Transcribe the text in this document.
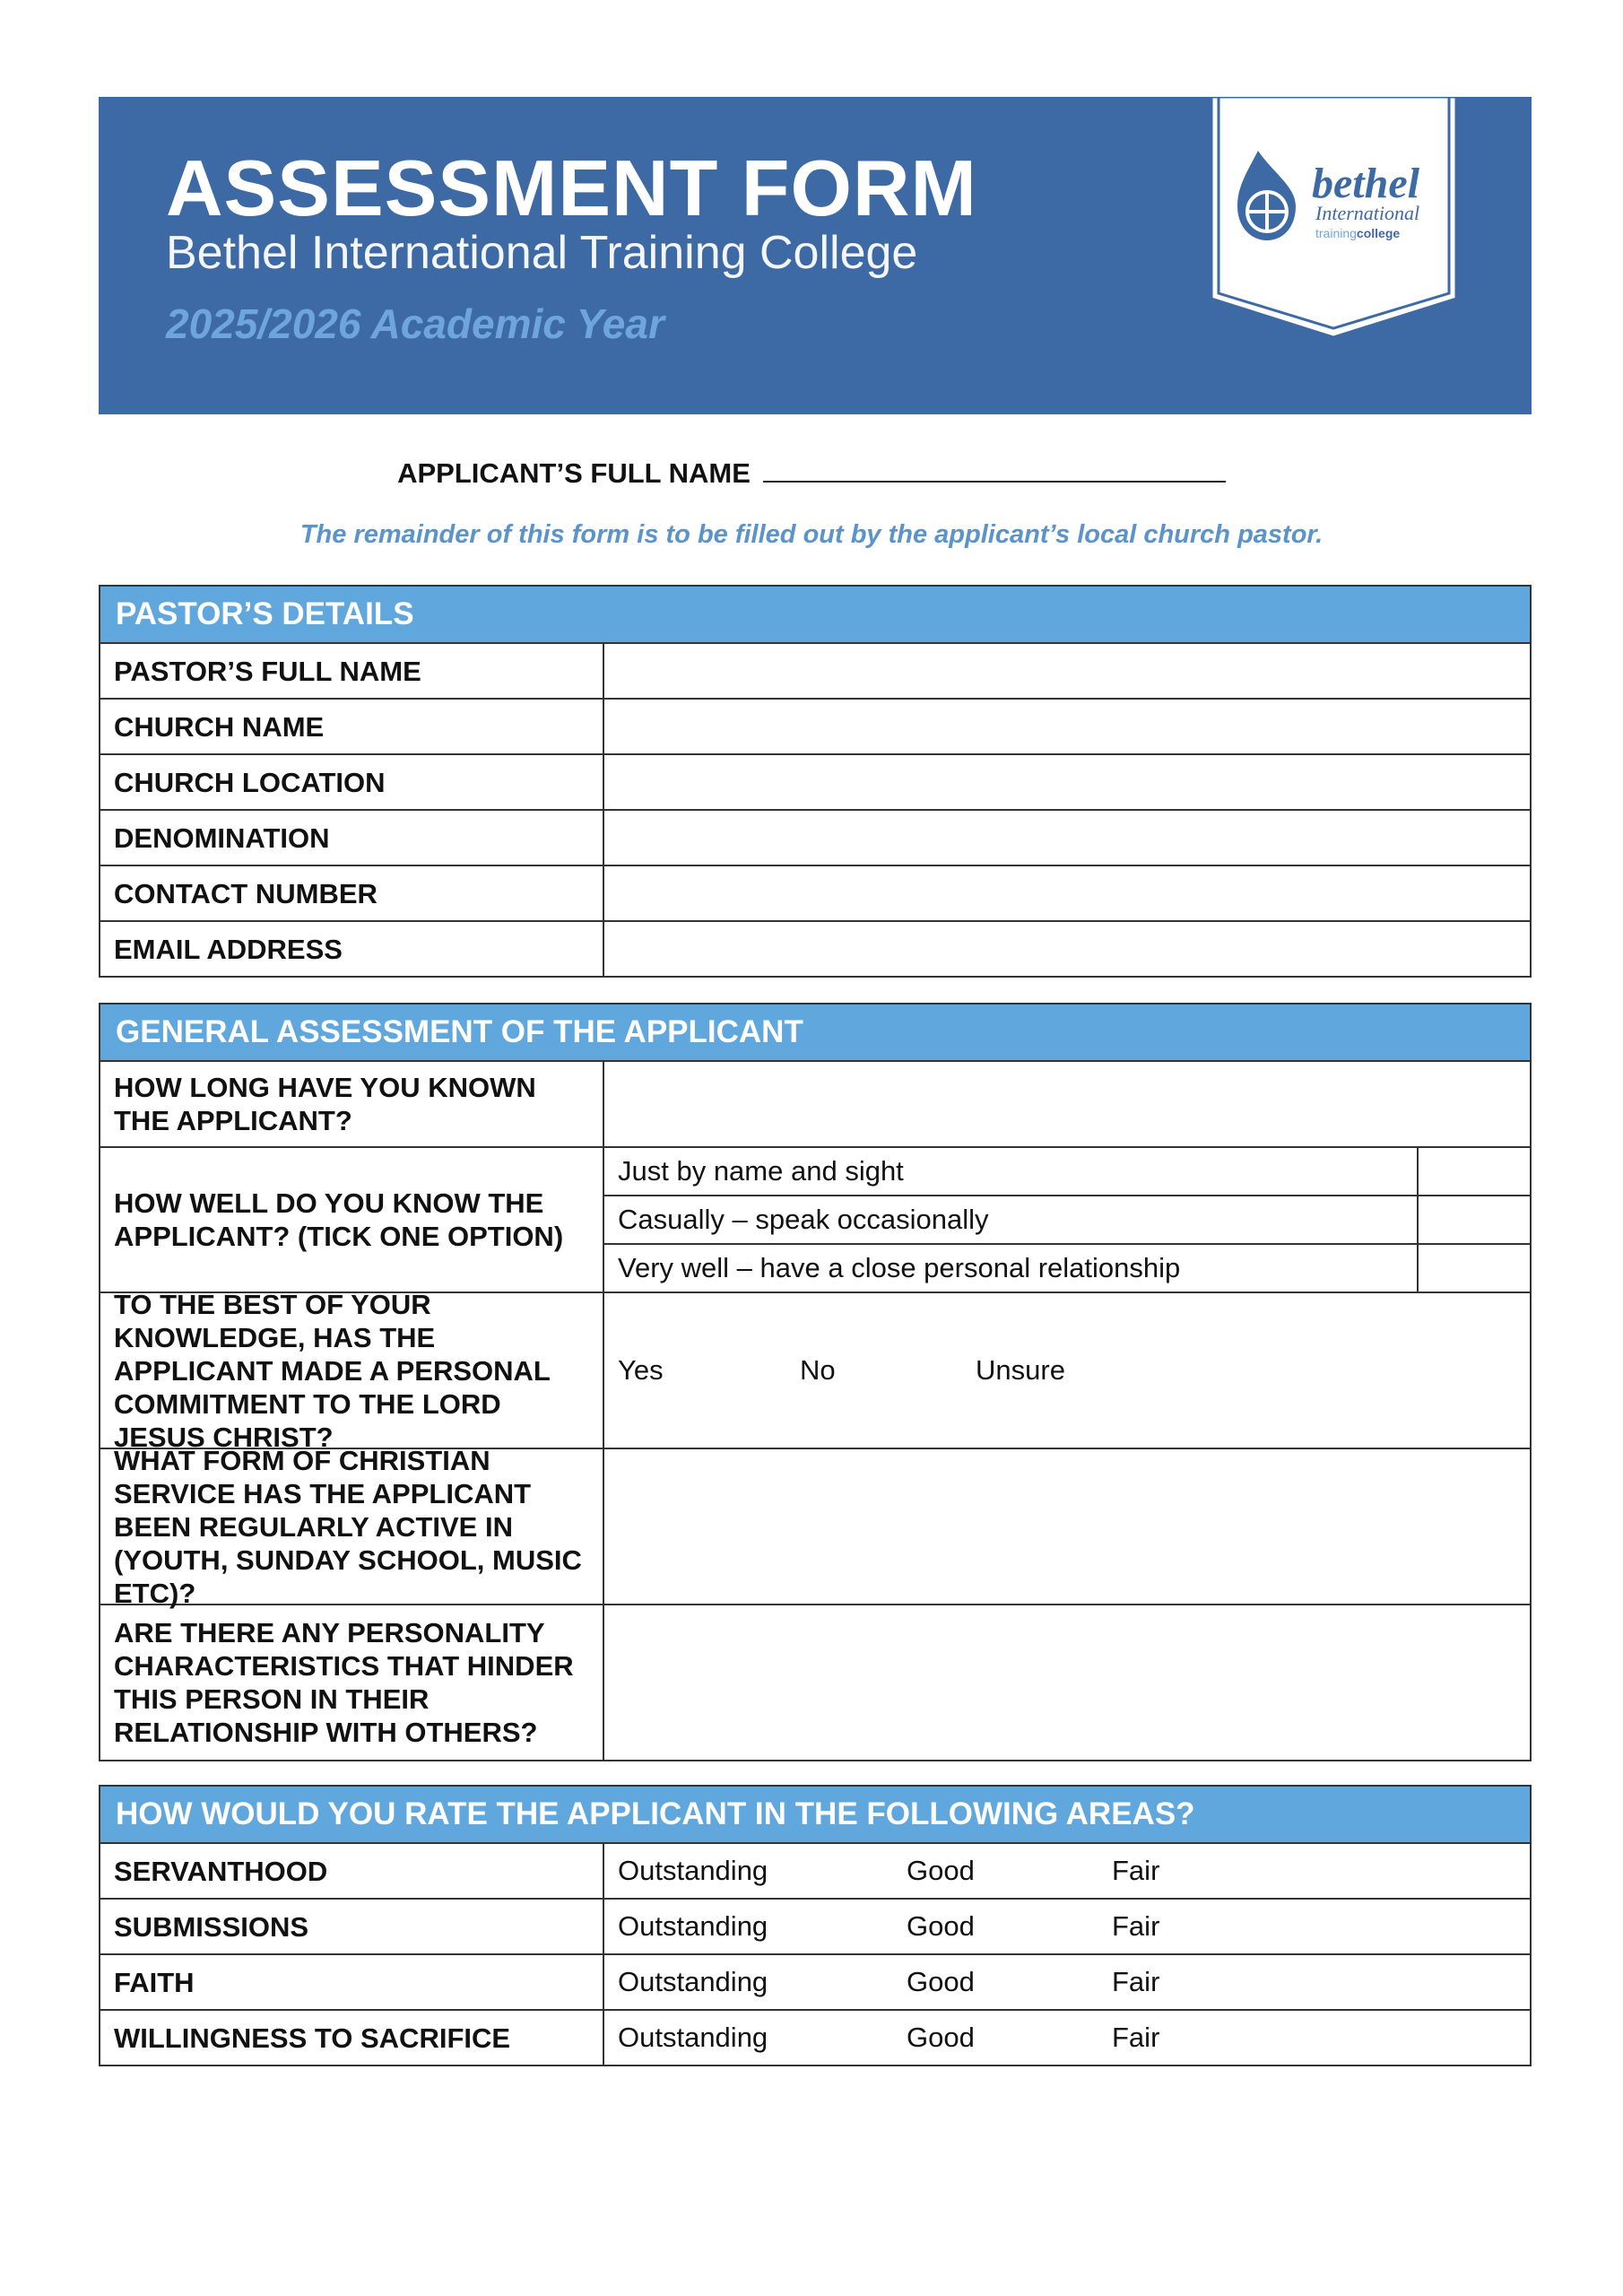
ASSESSMENT FORM
Bethel International Training College
2025/2026 Academic Year
bethel
International
trainingcollege
APPLICANT’S FULL NAME
The remainder of this form is to be filled out by the applicant’s local church pastor.
PASTOR’S DETAILS
PASTOR’S FULL NAME
CHURCH NAME
CHURCH LOCATION
DENOMINATION
CONTACT NUMBER
EMAIL ADDRESS
GENERAL ASSESSMENT OF THE APPLICANT
HOW LONG HAVE YOU KNOWN THE APPLICANT?
HOW WELL DO YOU KNOW THE APPLICANT? (TICK ONE OPTION)
Just by name and sight
Casually – speak occasionally
Very well – have a close personal relationship
TO THE BEST OF YOUR KNOWLEDGE, HAS THE APPLICANT MADE A PERSONAL COMMITMENT TO THE LORD JESUS CHRIST?
Yes	No	Unsure
WHAT FORM OF CHRISTIAN SERVICE HAS THE APPLICANT BEEN REGULARLY ACTIVE IN (YOUTH, SUNDAY SCHOOL, MUSIC ETC)?
ARE THERE ANY PERSONALITY CHARACTERISTICS THAT HINDER THIS PERSON IN THEIR RELATIONSHIP WITH OTHERS?
HOW WOULD YOU RATE THE APPLICANT IN THE FOLLOWING AREAS?
SERVANTHOOD	Outstanding	Good	Fair
SUBMISSIONS	Outstanding	Good	Fair
FAITH	Outstanding	Good	Fair
WILLINGNESS TO SACRIFICE	Outstanding	Good	Fair
